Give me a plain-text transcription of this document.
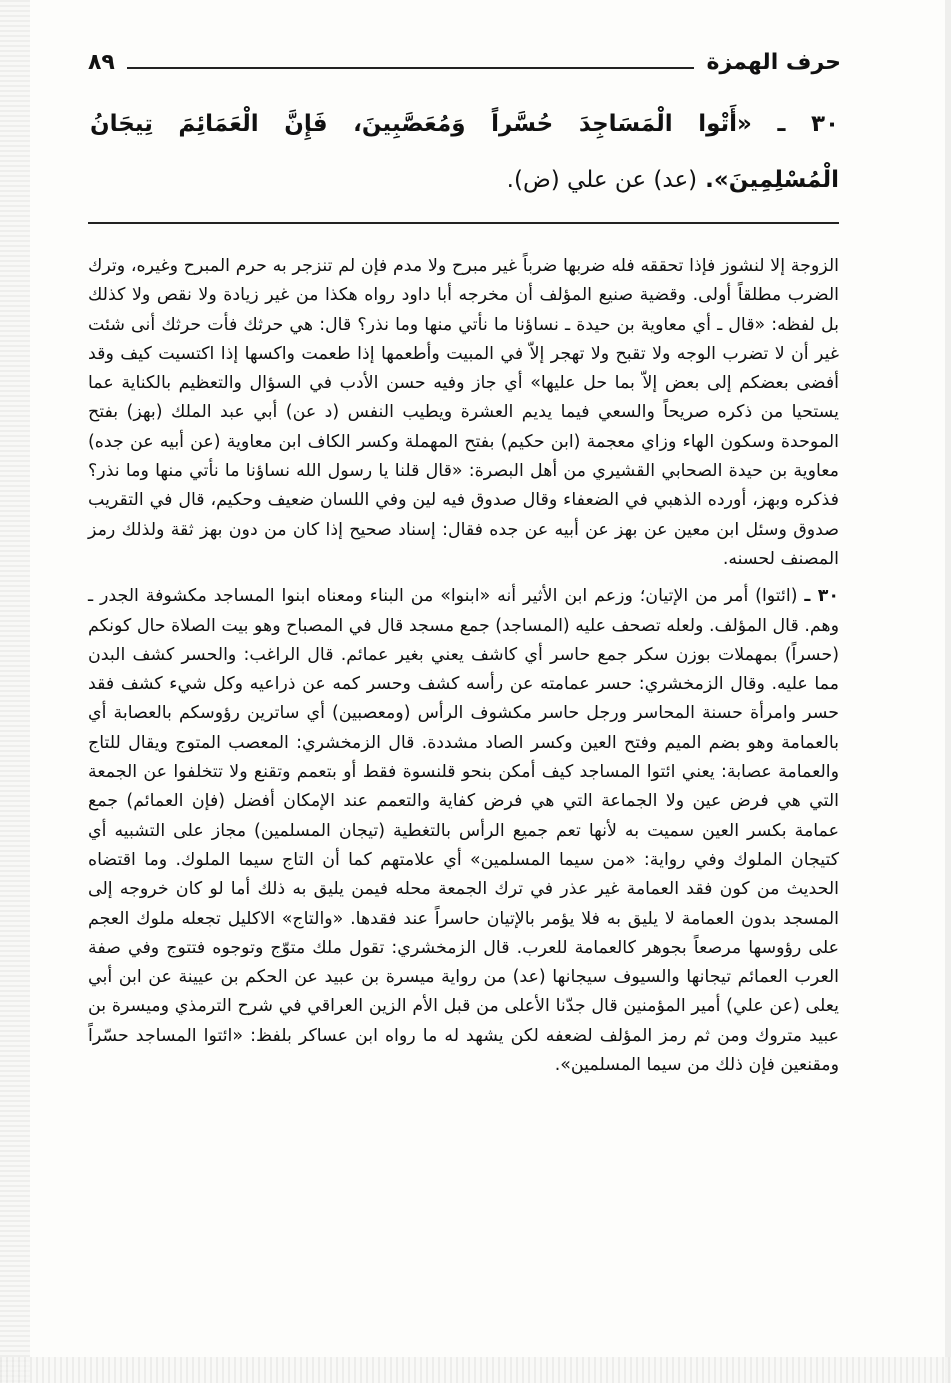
حرف الهمزة
٨٩
٣٠ ـ «أَتْوا الْمَسَاجِدَ حُسَّراً وَمُعَصَّبِينَ، فَإِنَّ الْعَمَائِمَ تِيجَانُ الْمُسْلِمِينَ». (عد) عن علي (ض).

الزوجة إلا لنشوز فإذا تحققه فله ضربها ضرباً غير مبرح ولا مدم فإن لم تنزجر به حرم المبرح وغيره، وترك الضرب مطلقاً أولى. وقضية صنيع المؤلف أن مخرجه أبا داود رواه هكذا من غير زيادة ولا نقص ولا كذلك بل لفظه: «قال ـ أي معاوية بن حيدة ـ نساؤنا ما نأتي منها وما نذر؟ قال: هي حرثك فأت حرثك أنى شئت غير أن لا تضرب الوجه ولا تقبح ولا تهجر إلاّ في المبيت وأطعمها إذا طعمت واكسها إذا اكتسيت كيف وقد أفضى بعضكم إلى بعض إلاّ بما حل عليها» أي جاز وفيه حسن الأدب في السؤال والتعظيم بالكناية عما يستحيا من ذكره صريحاً والسعي فيما يديم العشرة ويطيب النفس (د عن) أبي عبد الملك (بهز) بفتح الموحدة وسكون الهاء وزاي معجمة (ابن حكيم) بفتح المهملة وكسر الكاف ابن معاوية (عن أبيه عن جده) معاوية بن حيدة الصحابي القشيري من أهل البصرة: «قال قلنا يا رسول الله نساؤنا ما نأتي منها وما نذر؟ فذكره وبهز، أورده الذهبي في الضعفاء وقال صدوق فيه لين وفي اللسان ضعيف وحكيم، قال في التقريب صدوق وسئل ابن معين عن بهز عن أبيه عن جده فقال: إسناد صحيح إذا كان من دون بهز ثقة ولذلك رمز المصنف لحسنه.

٣٠ ـ (ائتوا) أمر من الإتيان؛ وزعم ابن الأثير أنه «ابنوا» من البناء ومعناه ابنوا المساجد مكشوفة الجدر ـ وهم. قال المؤلف. ولعله تصحف عليه (المساجد) جمع مسجد قال في المصباح وهو بيت الصلاة حال كونكم (حسراً) بمهملات بوزن سكر جمع حاسر أي كاشف يعني بغير عمائم. قال الراغب: والحسر كشف البدن مما عليه. وقال الزمخشري: حسر عمامته عن رأسه كشف وحسر كمه عن ذراعيه وكل شيء كشف فقد حسر وامرأة حسنة المحاسر ورجل حاسر مكشوف الرأس (ومعصبين) أي ساترين رؤوسكم بالعصابة أي بالعمامة وهو بضم الميم وفتح العين وكسر الصاد مشددة. قال الزمخشري: المعصب المتوج ويقال للتاج والعمامة عصابة: يعني ائتوا المساجد كيف أمكن بنحو قلنسوة فقط أو بتعمم وتقنع ولا تتخلفوا عن الجمعة التي هي فرض عين ولا الجماعة التي هي فرض كفاية والتعمم عند الإمكان أفضل (فإن العمائم) جمع عمامة بكسر العين سميت به لأنها تعم جميع الرأس بالتغطية (تيجان المسلمين) مجاز على التشبيه أي كتيجان الملوك وفي رواية: «من سيما المسلمين» أي علامتهم كما أن التاج سيما الملوك. وما اقتضاه الحديث من كون فقد العمامة غير عذر في ترك الجمعة محله فيمن يليق به ذلك أما لو كان خروجه إلى المسجد بدون العمامة لا يليق به فلا يؤمر بالإتيان حاسراً عند فقدها. «والتاج» الاكليل تجعله ملوك العجم على رؤوسها مرصعاً بجوهر كالعمامة للعرب. قال الزمخشري: تقول ملك متوّج وتوجوه فتتوج وفي صفة العرب العمائم تيجانها والسيوف سيجانها (عد) من رواية ميسرة بن عبيد عن الحكم بن عيينة عن ابن أبي يعلى (عن علي) أمير المؤمنين قال جدّنا الأعلى من قبل الأم الزين العراقي في شرح الترمذي وميسرة بن عبيد متروك ومن ثم رمز المؤلف لضعفه لكن يشهد له ما رواه ابن عساكر بلفظ: «ائتوا المساجد حسّراً ومقنعين فإن ذلك من سيما المسلمين».
